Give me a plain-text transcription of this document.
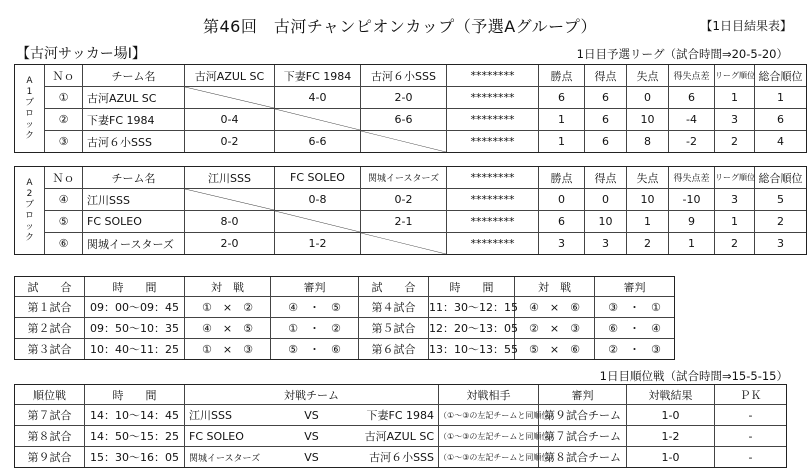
第46回　古河チャンピオンカップ（予選Aグループ）	【1日目結果表】
【古河サッカー場Ⅰ】	1日目予選リーグ（試合時間⇒20-5-20）
A1ブロック	Ｎｏ	チーム名	古河AZUL SC	下妻FC 1984	古河６小SSS	********	勝点	得点	失点	得失点差	リーグ順位	総合順位
	①	古河AZUL SC		4-0	2-0	********	6	6	0	6	1	1
	②	下妻FC 1984	0-4		6-6	********	1	6	10	-4	3	6
	③	古河６小SSS	0-2	6-6		********	1	6	8	-2	2	4
A2ブロック	Ｎｏ	チーム名	江川SSS	FC SOLEO	関城イースターズ	********	勝点	得点	失点	得失点差	リーグ順位	総合順位
	④	江川SSS		0-8	0-2	********	0	0	10	-10	3	5
	⑤	FC SOLEO	8-0		2-1	********	6	10	1	9	1	2
	⑥	関城イースターズ	2-0	1-2		********	3	3	2	1	2	3
試　　合	時　　間	対　戦	審判	試　　合	時　　間	対　戦	審判
第１試合	09：00～09：45	①　×　②	④　・　⑤	第４試合	11：30～12：15	④　×　⑥	③　・　①
第２試合	09：50～10：35	④　×　⑤	①　・　②	第５試合	12：20～13：05	②　×　③	⑥　・　④
第３試合	10：40～11：25	①　×　③	⑤　・　⑥	第６試合	13：10～13：55	⑤　×　⑥	②　・　③
1日目順位戦（試合時間⇒15-5-15）
順位戦	時　　間	対戦チーム			対戦相手	審判	対戦結果	ＰＫ
第７試合	14：10～14：45	江川SSS	VS	下妻FC 1984	（①～③の左記チームと同順位）	第９試合チーム	1-0	-
第８試合	14：50～15：25	FC SOLEO	VS	古河AZUL SC	（①～③の左記チームと同順位）	第７試合チーム	1-2	-
第９試合	15：30～16：05	関城イースターズ	VS	古河６小SSS	（①～③の左記チームと同順位）	第８試合チーム	1-0	-
